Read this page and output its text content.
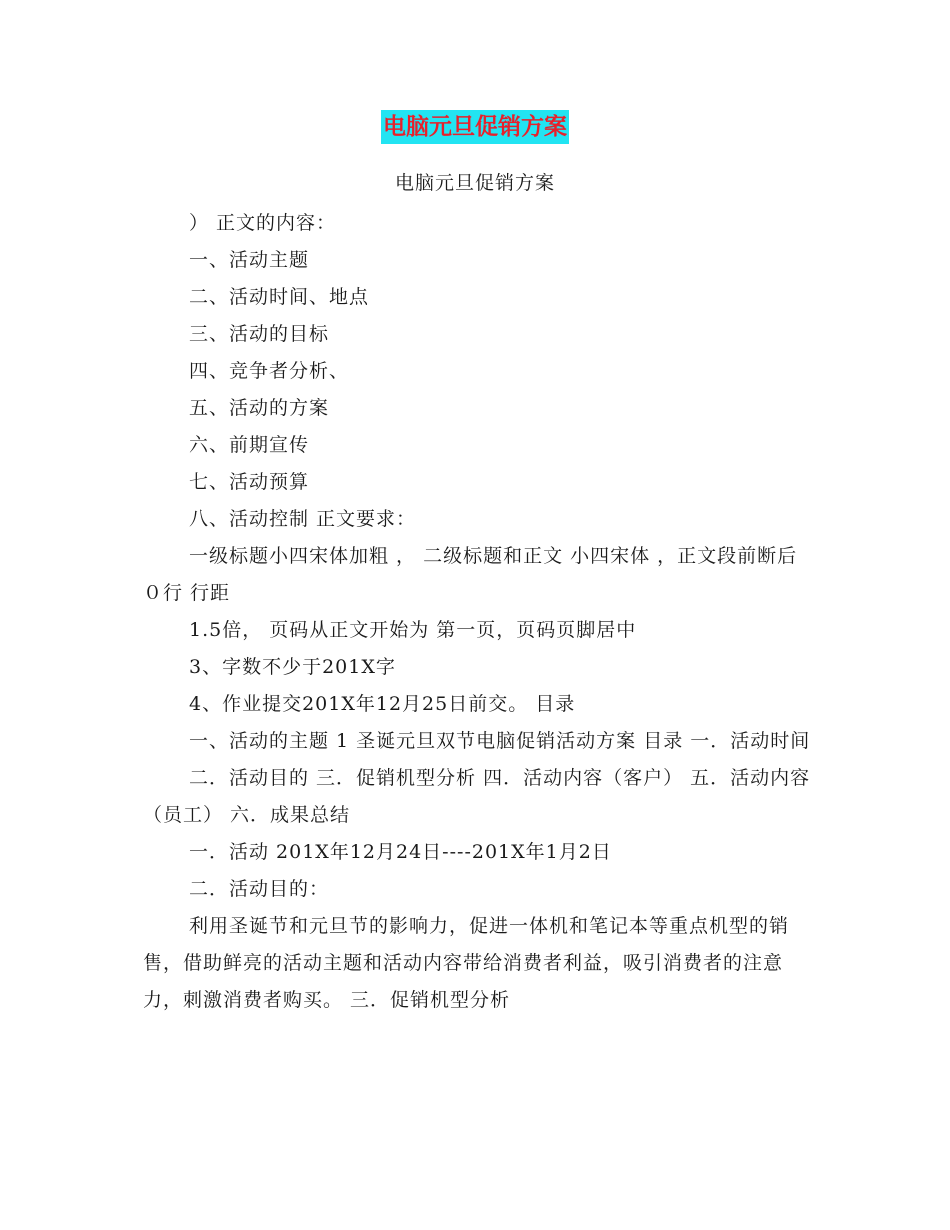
电脑元旦促销方案
电脑元旦促销方案

） 正文的内容：

一、活动主题

二、活动时间、地点

三、活动的目标

四、竞争者分析、

五、活动的方案

六、前期宣传

七、活动预算

八、活动控制 正文要求：

一级标题小四宋体加粗 ， 二级标题和正文 小四宋体 ，正文段前断后０行 行距

1.5倍， 页码从正文开始为 第一页，页码页脚居中

3、字数不少于201X字

4、作业提交201X年12月25日前交。 目录

一、活动的主题 1 圣诞元旦双节电脑促销活动方案 目录 一．活动时间

二．活动目的 三．促销机型分析 四．活动内容（客户） 五．活动内容（员工） 六．成果总结

一．活动 201X年12月24日----201X年1月2日

二．活动目的：

利用圣诞节和元旦节的影响力，促进一体机和笔记本等重点机型的销售，借助鲜亮的活动主题和活动内容带给消费者利益，吸引消费者的注意力，刺激消费者购买。 三．促销机型分析
